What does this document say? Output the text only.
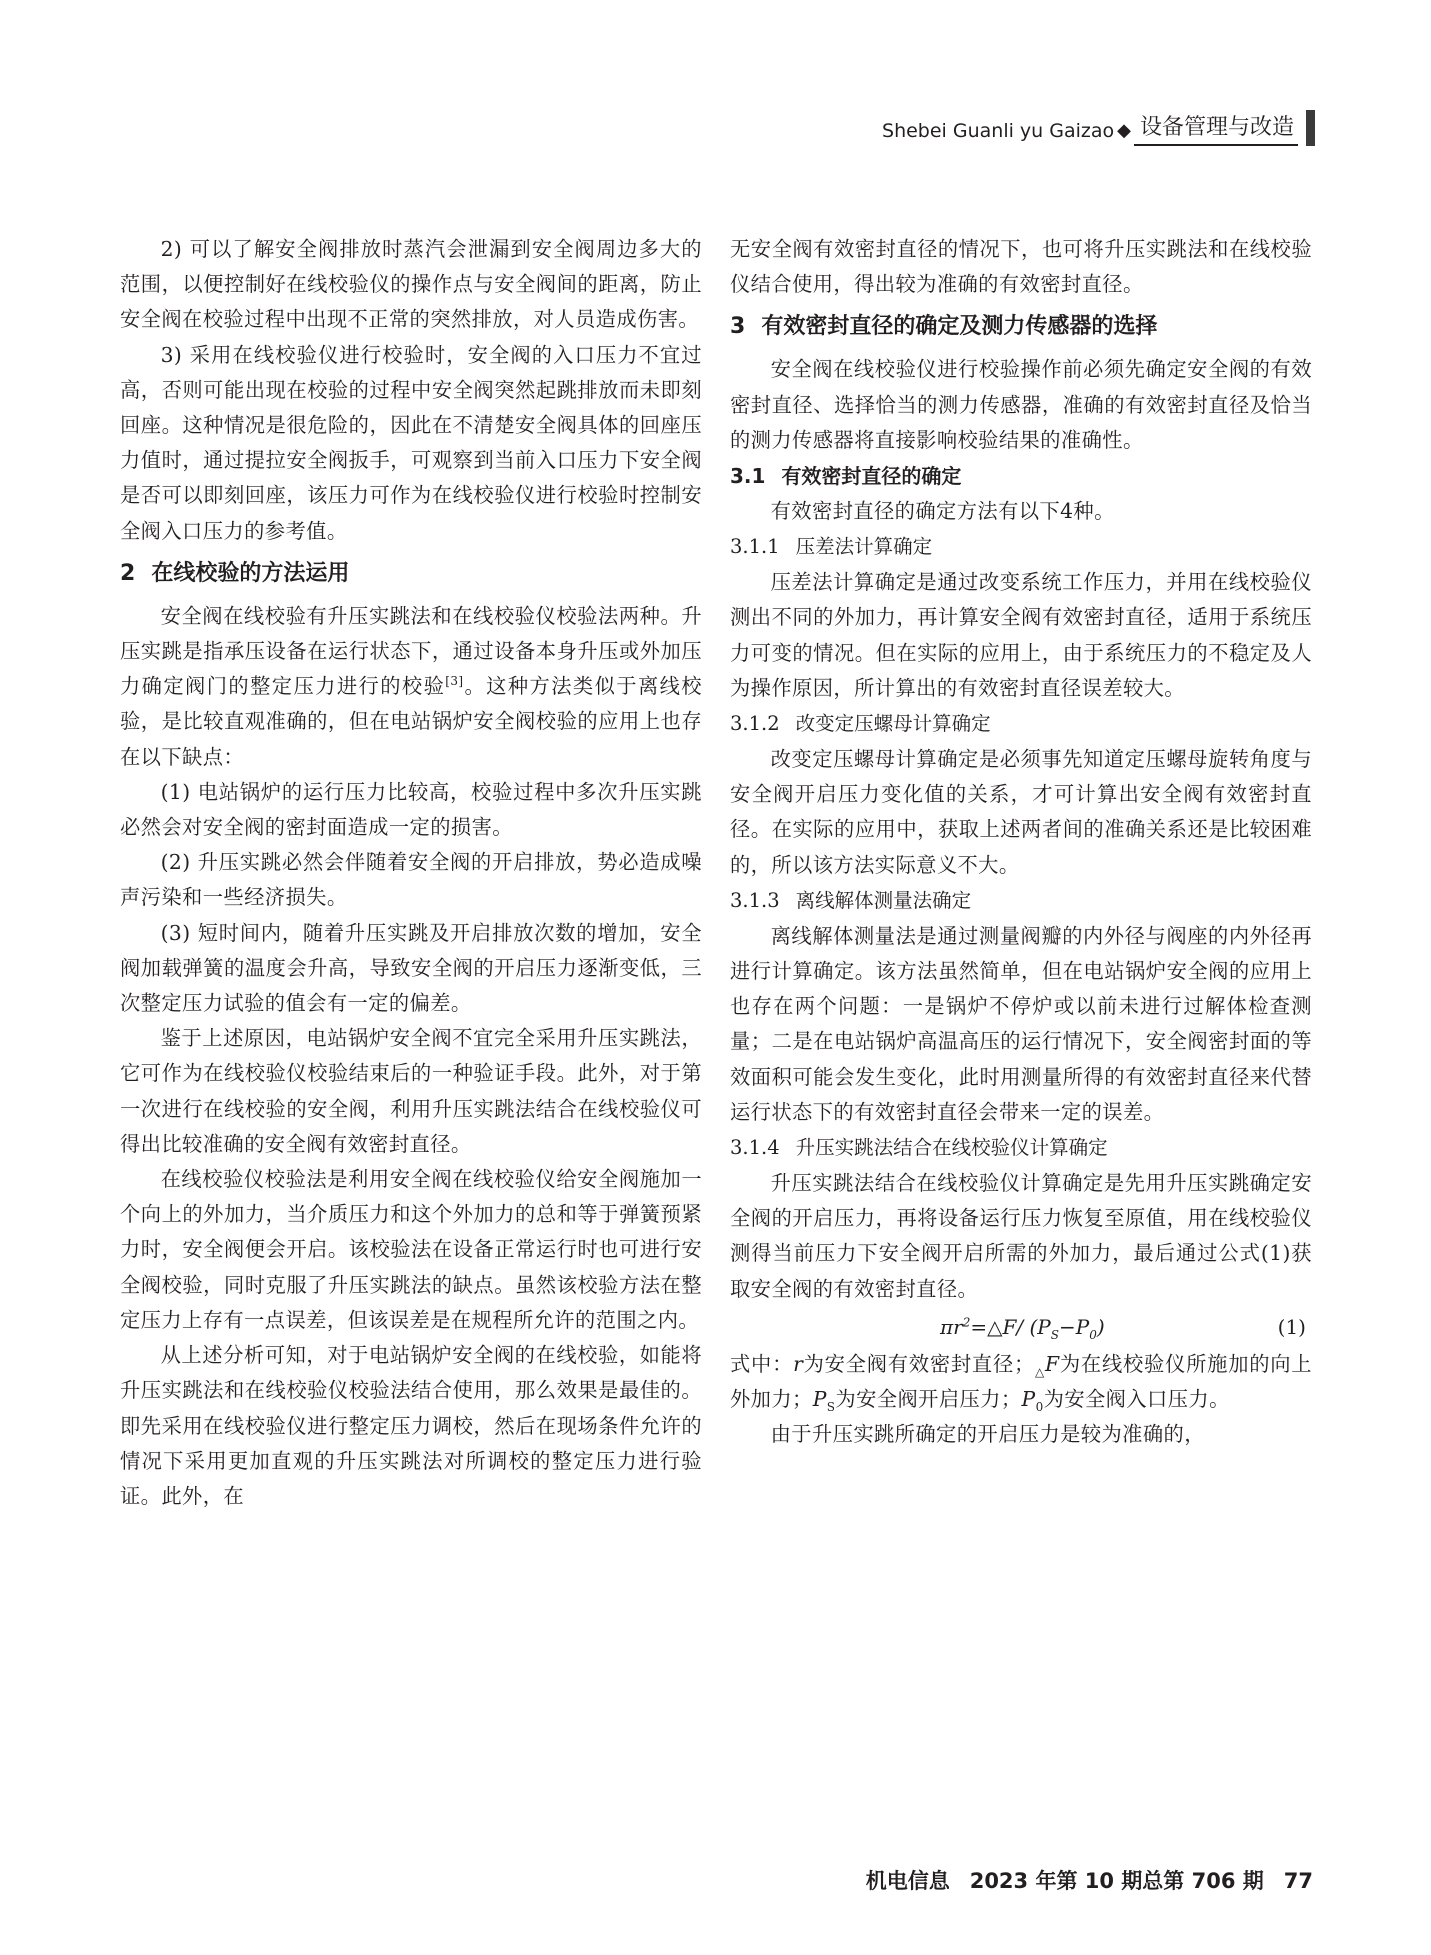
Shebei Guanli yu Gaizao ◆ 设备管理与改造

2) 可以了解安全阀排放时蒸汽会泄漏到安全阀周边多大的范围，以便控制好在线校验仪的操作点与安全阀间的距离，防止安全阀在校验过程中出现不正常的突然排放，对人员造成伤害。

3) 采用在线校验仪进行校验时，安全阀的入口压力不宜过高，否则可能出现在校验的过程中安全阀突然起跳排放而未即刻回座。这种情况是很危险的，因此在不清楚安全阀具体的回座压力值时，通过提拉安全阀扳手，可观察到当前入口压力下安全阀是否可以即刻回座，该压力可作为在线校验仪进行校验时控制安全阀入口压力的参考值。

2 在线校验的方法运用

安全阀在线校验有升压实跳法和在线校验仪校验法两种。升压实跳是指承压设备在运行状态下，通过设备本身升压或外加压力确定阀门的整定压力进行的校验[3]。这种方法类似于离线校验，是比较直观准确的，但在电站锅炉安全阀校验的应用上也存在以下缺点：

(1) 电站锅炉的运行压力比较高，校验过程中多次升压实跳必然会对安全阀的密封面造成一定的损害。

(2) 升压实跳必然会伴随着安全阀的开启排放，势必造成噪声污染和一些经济损失。

(3) 短时间内，随着升压实跳及开启排放次数的增加，安全阀加载弹簧的温度会升高，导致安全阀的开启压力逐渐变低，三次整定压力试验的值会有一定的偏差。

鉴于上述原因，电站锅炉安全阀不宜完全采用升压实跳法，它可作为在线校验仪校验结束后的一种验证手段。此外，对于第一次进行在线校验的安全阀，利用升压实跳法结合在线校验仪可得出比较准确的安全阀有效密封直径。

在线校验仪校验法是利用安全阀在线校验仪给安全阀施加一个向上的外加力，当介质压力和这个外加力的总和等于弹簧预紧力时，安全阀便会开启。该校验法在设备正常运行时也可进行安全阀校验，同时克服了升压实跳法的缺点。虽然该校验方法在整定压力上存有一点误差，但该误差是在规程所允许的范围之内。

从上述分析可知，对于电站锅炉安全阀的在线校验，如能将升压实跳法和在线校验仪校验法结合使用，那么效果是最佳的。即先采用在线校验仪进行整定压力调校，然后在现场条件允许的情况下采用更加直观的升压实跳法对所调校的整定压力进行验证。此外，在

无安全阀有效密封直径的情况下，也可将升压实跳法和在线校验仪结合使用，得出较为准确的有效密封直径。

3 有效密封直径的确定及测力传感器的选择

安全阀在线校验仪进行校验操作前必须先确定安全阀的有效密封直径、选择恰当的测力传感器，准确的有效密封直径及恰当的测力传感器将直接影响校验结果的准确性。

3.1 有效密封直径的确定

有效密封直径的确定方法有以下4种。

3.1.1 压差法计算确定

压差法计算确定是通过改变系统工作压力，并用在线校验仪测出不同的外加力，再计算安全阀有效密封直径，适用于系统压力可变的情况。但在实际的应用上，由于系统压力的不稳定及人为操作原因，所计算出的有效密封直径误差较大。

3.1.2 改变定压螺母计算确定

改变定压螺母计算确定是必须事先知道定压螺母旋转角度与安全阀开启压力变化值的关系，才可计算出安全阀有效密封直径。在实际的应用中，获取上述两者间的准确关系还是比较困难的，所以该方法实际意义不大。

3.1.3 离线解体测量法确定

离线解体测量法是通过测量阀瓣的内外径与阀座的内外径再进行计算确定。该方法虽然简单，但在电站锅炉安全阀的应用上也存在两个问题：一是锅炉不停炉或以前未进行过解体检查测量；二是在电站锅炉高温高压的运行情况下，安全阀密封面的等效面积可能会发生变化，此时用测量所得的有效密封直径来代替运行状态下的有效密封直径会带来一定的误差。

3.1.4 升压实跳法结合在线校验仪计算确定

升压实跳法结合在线校验仪计算确定是先用升压实跳确定安全阀的开启压力，再将设备运行压力恢复至原值，用在线校验仪测得当前压力下安全阀开启所需的外加力，最后通过公式(1)获取安全阀的有效密封直径。

$\pi r^2=\triangle F/$ $(P_S-P_0)$	(1)

式中：r为安全阀有效密封直径；$_\triangle$F为在线校验仪所施加的向上外加力；$P_S$为安全阀开启压力；$P_0$为安全阀入口压力。

由于升压实跳所确定的开启压力是较为准确的，

机电信息 2023 年第 10 期总第 706 期 77
